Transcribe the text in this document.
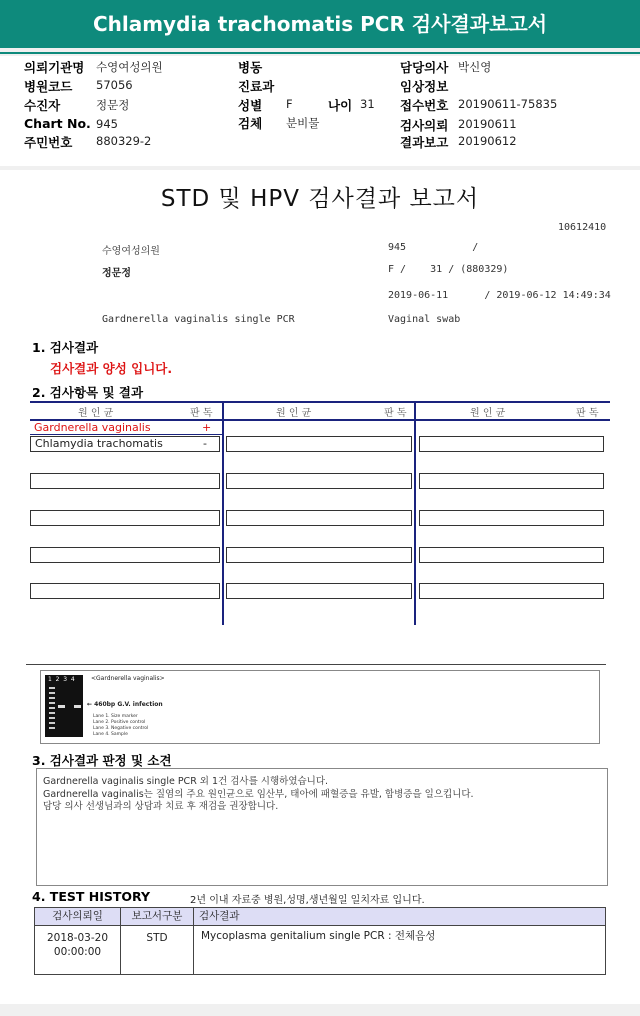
Chlamydia trachomatis PCR 검사결과보고서
의뢰기관명 수영여성의원	병동	담당의사 박신영
병원코드 57056	진료과	임상정보
수진자	정문정	성별 F	나이 31 접수번호 20190611-75835
Chart No. 945	검체 분비물	검사의뢰 20190611
주민번호 880329-2	결과보고 20190612
STD 및 HPV 검사결과 보고서
10612410
수영여성의원	945           /
정문정	F /    31 / (880329)
2019-06-11      / 2019-06-12 14:49:34
Gardnerella vaginalis single PCR	Vaginal swab
1. 검사결과
검사결과 양성 입니다.
2. 검사항목 및 결과
원 인 균	판 독	원 인 균	판 독	원 인 균	판 독
Gardnerella vaginalis	+
Chlamydia trachomatis	-
1  2  3  4	<Gardnerella vaginalis>
← 460bp G.V. infection
Lane 1. Size marker
Lane 2. Positive control
Lane 3. Negative control
Lane 4. Sample
3. 검사결과 판정 및 소견
Gardnerella vaginalis single PCR 외 1건 검사를 시행하였습니다.
Gardnerella vaginalis는 질염의 주요 원인균으로 임산부, 태아에 패혈증을 유발, 합병증을 일으킵니다.
담당 의사 선생님과의 상담과 치료 후 재검을 권장합니다.
4. TEST HISTORY	2년 이내 자료중 병원,성명,생년월일 일치자료 입니다.
검사의뢰일	보고서구분	검사결과
2018-03-20
00:00:00
STD	Mycoplasma genitalium single PCR : 전체음성
